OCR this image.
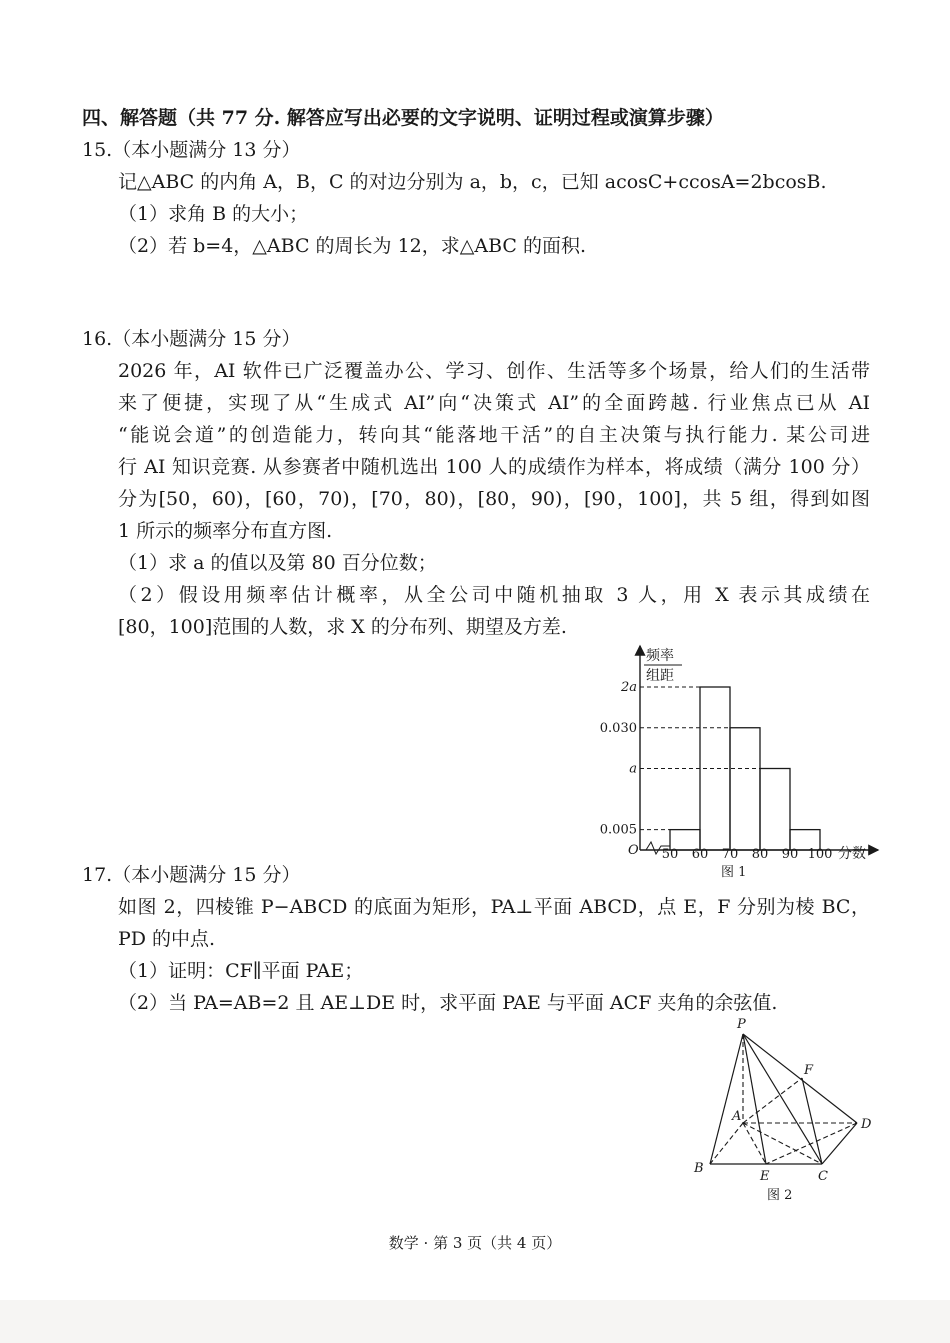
四、解答题（共 77 分. 解答应写出必要的文字说明、证明过程或演算步骤）
15.（本小题满分 13 分）
记△ABC 的内角 A，B，C 的对边分别为 a，b，c，已知 acosC+ccosA=2bcosB.
（1）求角 B 的大小；
（2）若 b=4，△ABC 的周长为 12，求△ABC 的面积.
16.（本小题满分 15 分）
2026 年，AI 软件已广泛覆盖办公、学习、创作、生活等多个场景，给人们的生活带
来了便捷，实现了从“生成式 AI”向“决策式 AI”的全面跨越. 行业焦点已从 AI
“能说会道”的创造能力，转向其“能落地干活”的自主决策与执行能力. 某公司进
行 AI 知识竞赛. 从参赛者中随机选出 100 人的成绩作为样本，将成绩（满分 100 分）
分为[50，60)，[60，70)，[70，80)，[80，90)，[90，100]，共 5 组，得到如图
1 所示的频率分布直方图.
（1）求 a 的值以及第 80 百分位数；
（2）假设用频率估计概率，从全公司中随机抽取 3 人，用 X 表示其成绩在
[80，100]范围的人数，求 X 的分布列、期望及方差.
频率
组距
O	分数
图 1
0.005
2a
0.030
a
50 60 70 80 90 100
17.（本小题满分 15 分）
如图 2，四棱锥 P−ABCD 的底面为矩形，PA⊥平面 ABCD，点 E，F 分别为棱 BC，
PD 的中点.
（1）证明：CF∥平面 PAE；
（2）当 PA=AB=2 且 AE⊥DE 时，求平面 PAE 与平面 ACF 夹角的余弦值.
P
A
B
C
D
E
F
图 2
数学 · 第 3 页（共 4 页）
